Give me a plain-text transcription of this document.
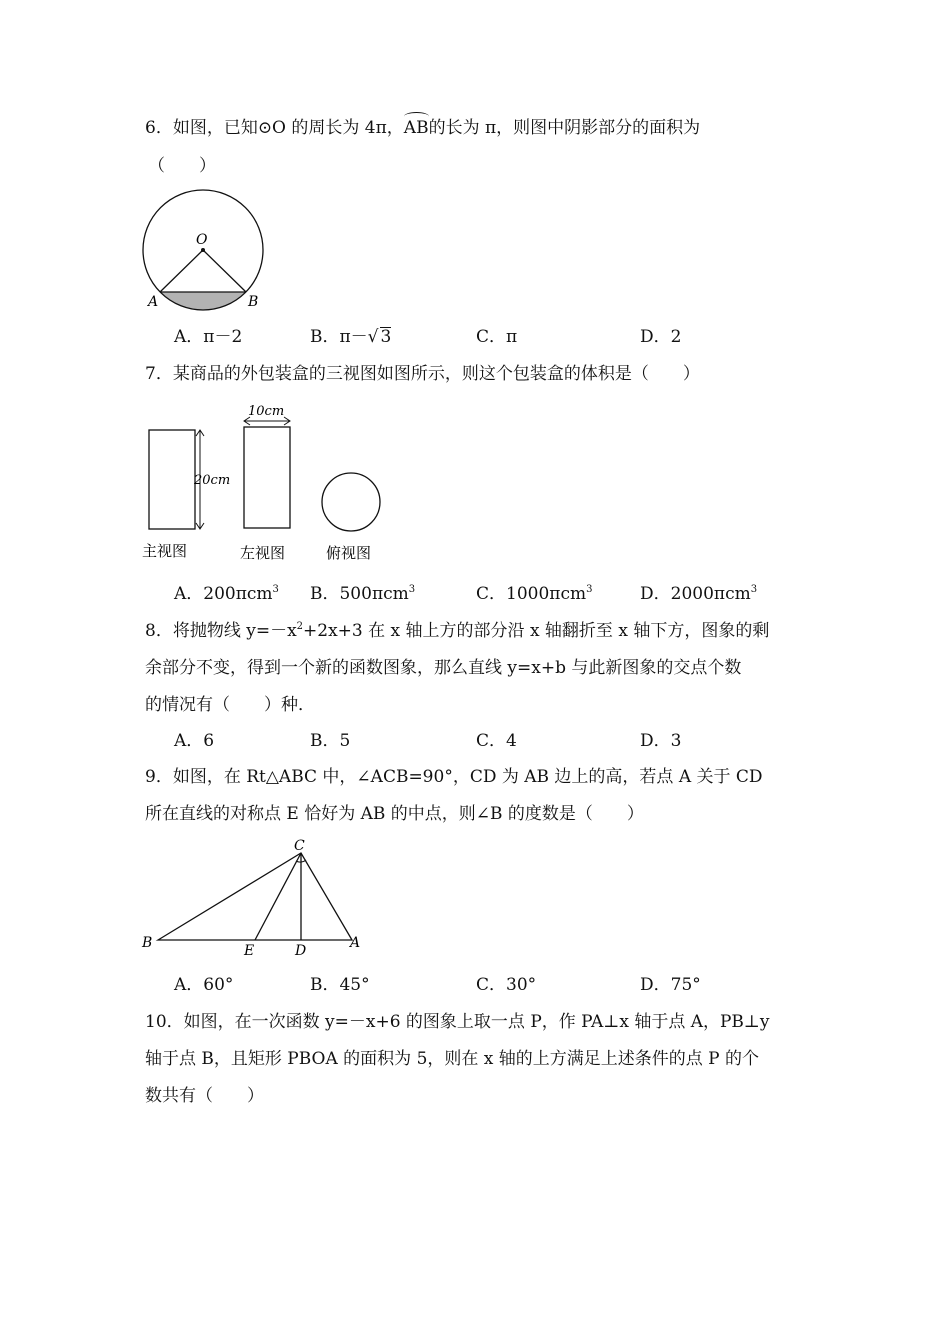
6．如图，已知⊙O 的周长为 4π，AB的长为 π，则图中阴影部分的面积为
（　　）
O
A	B
A．π－2	B．π－√ 3	C．π	D．2
7．某商品的外包装盒的三视图如图所示，则这个包装盒的体积是（　　）
20cm
10cm
主视图	左视图	俯视图
A．200πcm$^3$ B．500πcm$^3$	C．1000πcm$^3$	D．2000πcm$^3$
8．将抛物线 $y=-x^2+2x+3$ 在 x 轴上方的部分沿 x 轴翻折至 x 轴下方，图象的剩
余部分不变，得到一个新的函数图象，那么直线 y=x+b 与此新图象的交点个数
的情况有（　　）种．
A．6	B．5	C．4	D．3
9．如图，在 Rt△ABC 中，∠ACB=90°，CD 为 AB 边上的高，若点 A 关于 CD
所在直线的对称点 E 恰好为 AB 的中点，则∠B 的度数是（　　）
C
B	E	D	A
A．60°	B．45°	C．30°	D．75°
10．如图，在一次函数 y=－x+6 的图象上取一点 P，作 PA⊥x 轴于点 A，PB⊥y
轴于点 B，且矩形 PBOA 的面积为 5，则在 x 轴的上方满足上述条件的点 P 的个
数共有（　　）
